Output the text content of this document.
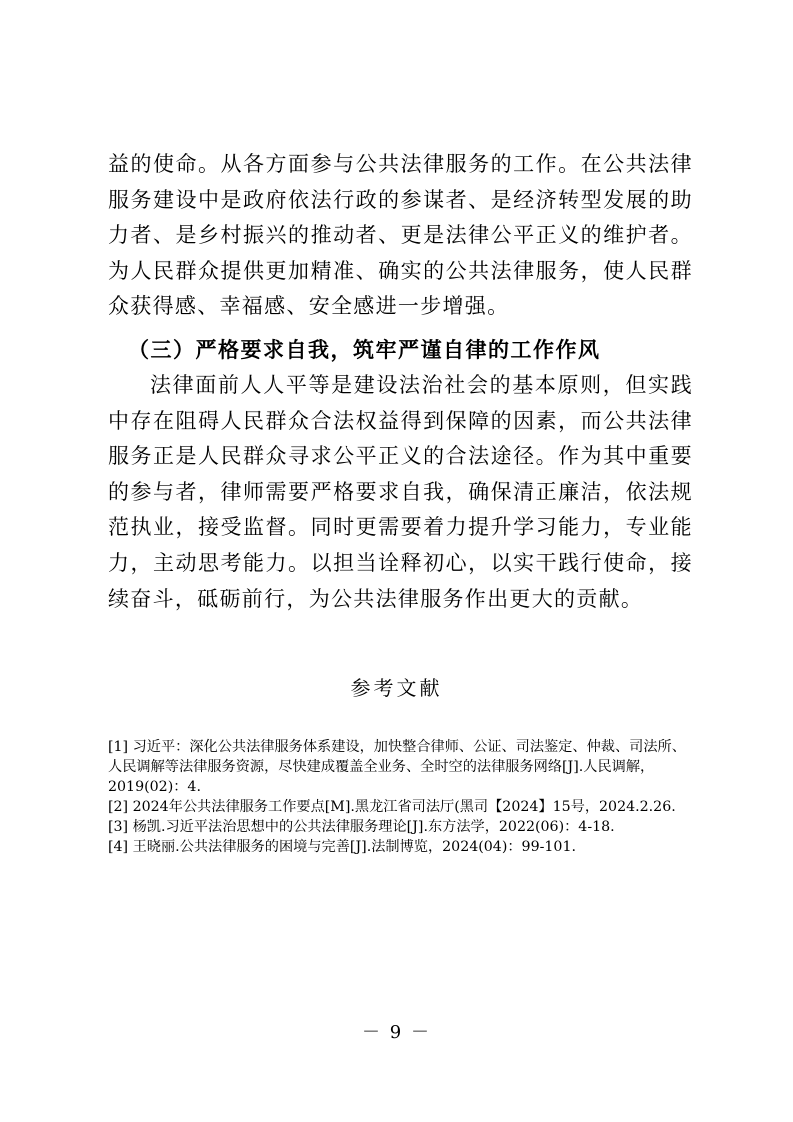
益的使命。从各方面参与公共法律服务的工作。在公共法律服务建设中是政府依法行政的参谋者、是经济转型发展的助力者、是乡村振兴的推动者、更是法律公平正义的维护者。为人民群众提供更加精准、确实的公共法律服务，使人民群众获得感、幸福感、安全感进一步增强。

（三）严格要求自我，筑牢严谨自律的工作作风

法律面前人人平等是建设法治社会的基本原则，但实践中存在阻碍人民群众合法权益得到保障的因素，而公共法律服务正是人民群众寻求公平正义的合法途径。作为其中重要的参与者，律师需要严格要求自我，确保清正廉洁，依法规范执业，接受监督。同时更需要着力提升学习能力，专业能力，主动思考能力。以担当诠释初心，以实干践行使命，接续奋斗，砥砺前行，为公共法律服务作出更大的贡献。

参考文献

[1] 习近平：深化公共法律服务体系建设，加快整合律师、公证、司法鉴定、仲裁、司法所、人民调解等法律服务资源，尽快建成覆盖全业务、全时空的法律服务网络[J].人民调解，2019(02)：4.
[2] 2024年公共法律服务工作要点[M].黑龙江省司法厅(黑司【2024】15号，2024.2.26.
[3] 杨凯.习近平法治思想中的公共法律服务理论[J].东方法学，2022(06)：4-18.
[4] 王晓丽.公共法律服务的困境与完善[J].法制博览，2024(04)：99-101.

－ 9 －
